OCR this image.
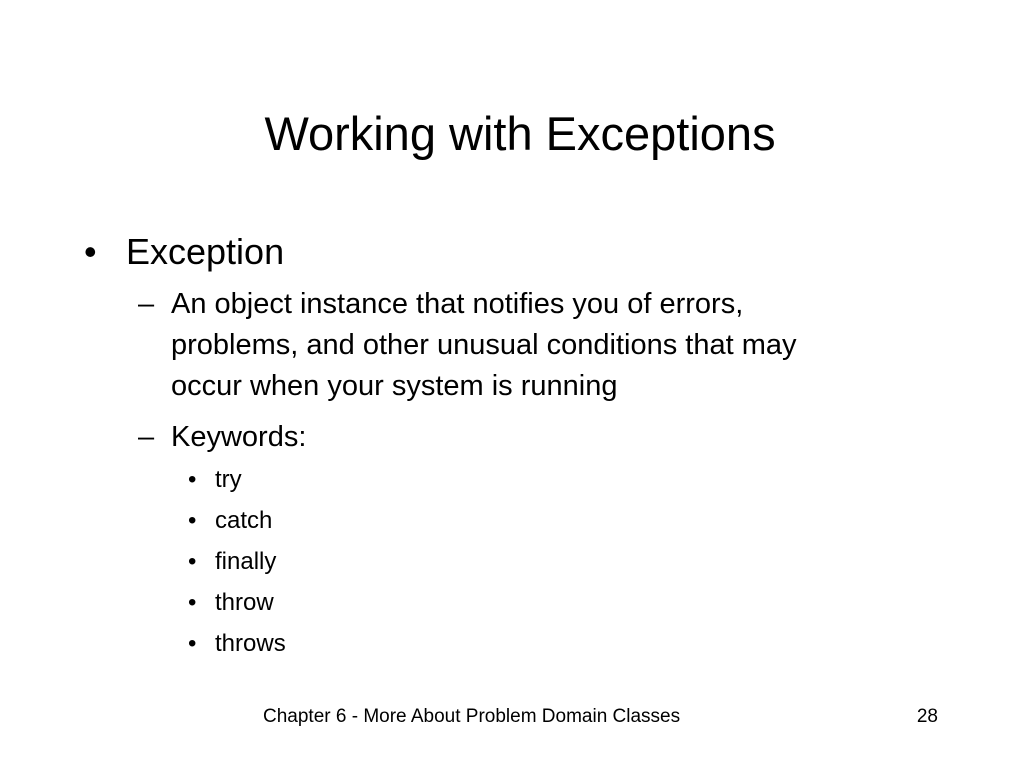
Working with Exceptions
• Exception
– An object instance that notifies you of errors,
problems, and other unusual conditions that may
occur when your system is running
– Keywords:
• try
• catch
• finally
• throw
• throws
Chapter 6 - More About Problem Domain Classes	28
